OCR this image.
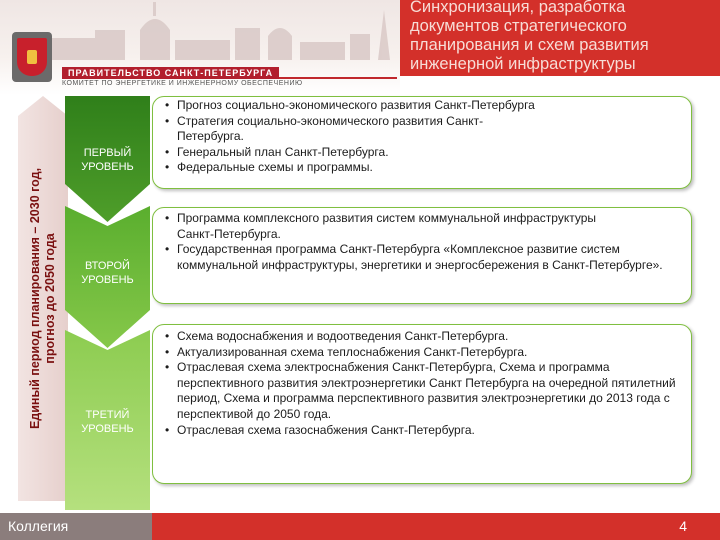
ПРАВИТЕЛЬСТВО САНКТ-ПЕТЕРБУРГА
КОМИТЕТ ПО ЭНЕРГЕТИКЕ И ИНЖЕНЕРНОМУ ОБЕСПЕЧЕНИЮ
Синхронизация, разработка документов стратегического планирования и схем развития инженерной инфраструктуры
Единый период планирования – 2030 год, прогноз до 2050 года
ПЕРВЫЙ
УРОВЕНЬ
ВТОРОЙ
УРОВЕНЬ
ТРЕТИЙ
УРОВЕНЬ
• Прогноз социально-экономического развития Санкт-Петербурга
• Стратегия социально-экономического развития Санкт-Петербурга.
• Генеральный план Санкт-Петербурга.
• Федеральные схемы и программы.
• Программа комплексного развития систем коммунальной инфраструктуры Санкт-Петербурга.
• Государственная программа Санкт-Петербурга «Комплексное развитие систем коммунальной инфраструктуры, энергетики и энергосбережения в Санкт-Петербурге».
• Схема водоснабжения и водоотведения Санкт-Петербурга.
• Актуализированная схема теплоснабжения Санкт-Петербурга.
• Отраслевая схема электроснабжения Санкт-Петербурга, Схема и программа перспективного развития электроэнергетики Санкт Петербурга на очередной пятилетний период, Схема и программа перспективного развития электроэнергетики до 2013 года с перспективой до 2050 года.
• Отраслевая схема газоснабжения Санкт-Петербурга.
Коллегия	4
